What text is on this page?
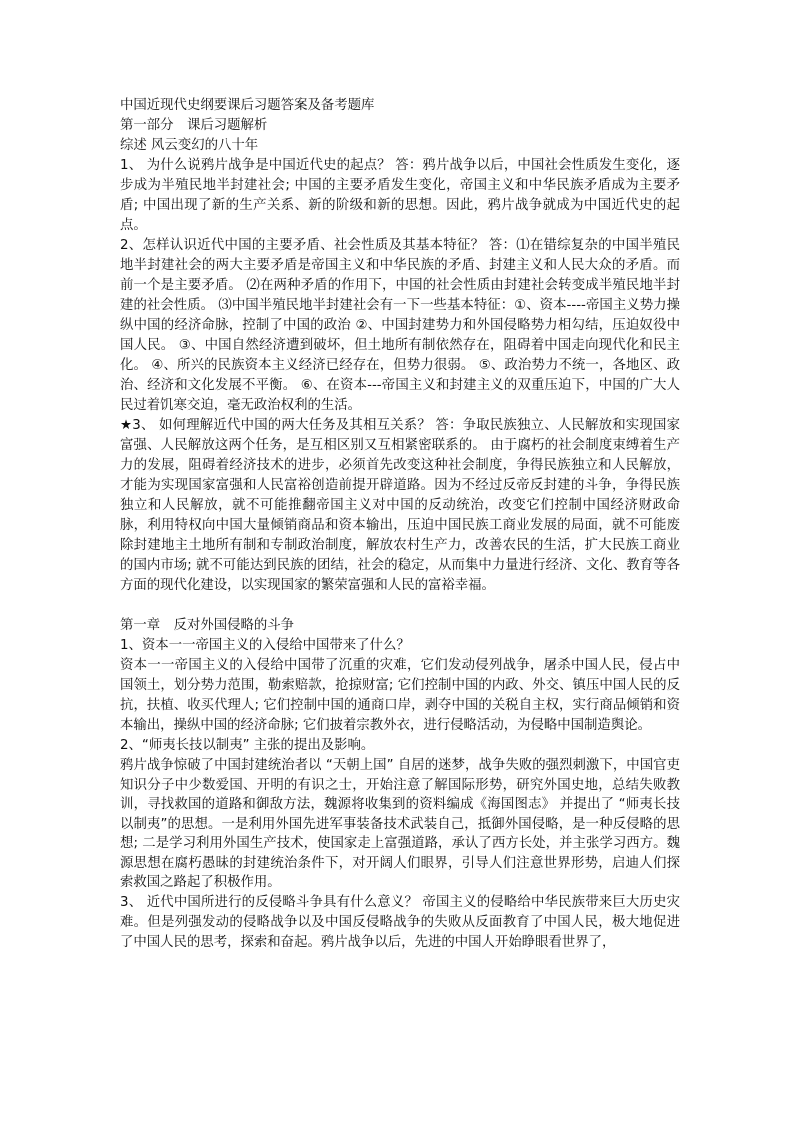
中国近现代史纲要课后习题答案及备考题库

第一部分　课后习题解析

综述 风云变幻的八十年

1、 为什么说鸦片战争是中国近代史的起点？ 答：鸦片战争以后，中国社会性质发生变化，逐步成为半殖民地半封建社会; 中国的主要矛盾发生变化，帝国主义和中华民族矛盾成为主要矛盾; 中国出现了新的生产关系、新的阶级和新的思想。因此，鸦片战争就成为中国近代史的起点。

2、怎样认识近代中国的主要矛盾、社会性质及其基本特征？ 答：⑴在错综复杂的中国半殖民地半封建社会的两大主要矛盾是帝国主义和中华民族的矛盾、封建主义和人民大众的矛盾。而前一个是主要矛盾。 ⑵在两种矛盾的作用下，中国的社会性质由封建社会转变成半殖民地半封建的社会性质。 ⑶中国半殖民地半封建社会有一下一些基本特征：①、资本----帝国主义势力操纵中国的经济命脉，控制了中国的政治 ②、中国封建势力和外国侵略势力相勾结，压迫奴役中国人民。 ③、中国自然经济遭到破坏，但土地所有制依然存在，阻碍着中国走向现代化和民主化。 ④、所兴的民族资本主义经济已经存在，但势力很弱。 ⑤、政治势力不统一，各地区、政治、经济和文化发展不平衡。 ⑥、在资本---帝国主义和封建主义的双重压迫下，中国的广大人民过着饥寒交迫，毫无政治权利的生活。

★3、 如何理解近代中国的两大任务及其相互关系？ 答：争取民族独立、人民解放和实现国家富强、人民解放这两个任务，是互相区别又互相紧密联系的。 由于腐朽的社会制度束缚着生产力的发展，阻碍着经济技术的进步，必须首先改变这种社会制度，争得民族独立和人民解放，才能为实现国家富强和人民富裕创造前提开辟道路。因为不经过反帝反封建的斗争，争得民族独立和人民解放，就不可能推翻帝国主义对中国的反动统治，改变它们控制中国经济财政命脉，利用特权向中国大量倾销商品和资本输出，压迫中国民族工商业发展的局面，就不可能废除封建地主土地所有制和专制政治制度，解放农村生产力，改善农民的生活，扩大民族工商业的国内市场; 就不可能达到民族的团结，社会的稳定，从而集中力量进行经济、文化、教育等各方面的现代化建设，以实现国家的繁荣富强和人民的富裕幸福。

第一章　反对外国侵略的斗争

1、资本一一帝国主义的入侵给中国带来了什么？

资本一一帝国主义的入侵给中国带了沉重的灾难，它们发动侵列战争，屠杀中国人民，侵占中国领土，划分势力范围，勒索赔款，抢掠财富; 它们控制中国的内政、外交、镇压中国人民的反抗，扶植、收买代理人; 它们控制中国的通商口岸，剥夺中国的关税自主权，实行商品倾销和资本输出，操纵中国的经济命脉; 它们披着宗教外衣，进行侵略活动，为侵略中国制造舆论。

2、“师夷长技以制夷” 主张的提出及影响。

鸦片战争惊破了中国封建统治者以 “天朝上国” 自居的迷梦，战争失败的强烈刺激下，中国官吏知识分子中少数爱国、开明的有识之士，开始注意了解国际形势，研究外国史地，总结失败教训，寻找救国的道路和御敌方法，魏源将收集到的资料编成《海国图志》 并提出了 “师夷长技以制夷”的思想。一是利用外国先进军事装备技术武装自己，抵御外国侵略，是一种反侵略的思想; 二是学习利用外国生产技术，使国家走上富强道路，承认了西方长处，并主张学习西方。魏源思想在腐朽愚昧的封建统治条件下，对开阔人们眼界，引导人们注意世界形势，启迪人们探索救国之路起了积极作用。

3、 近代中国所进行的反侵略斗争具有什么意义？ 帝国主义的侵略给中华民族带来巨大历史灾难。但是列强发动的侵略战争以及中国反侵略战争的失败从反面教育了中国人民，极大地促进了中国人民的思考，探索和奋起。鸦片战争以后，先进的中国人开始睁眼看世界了，
